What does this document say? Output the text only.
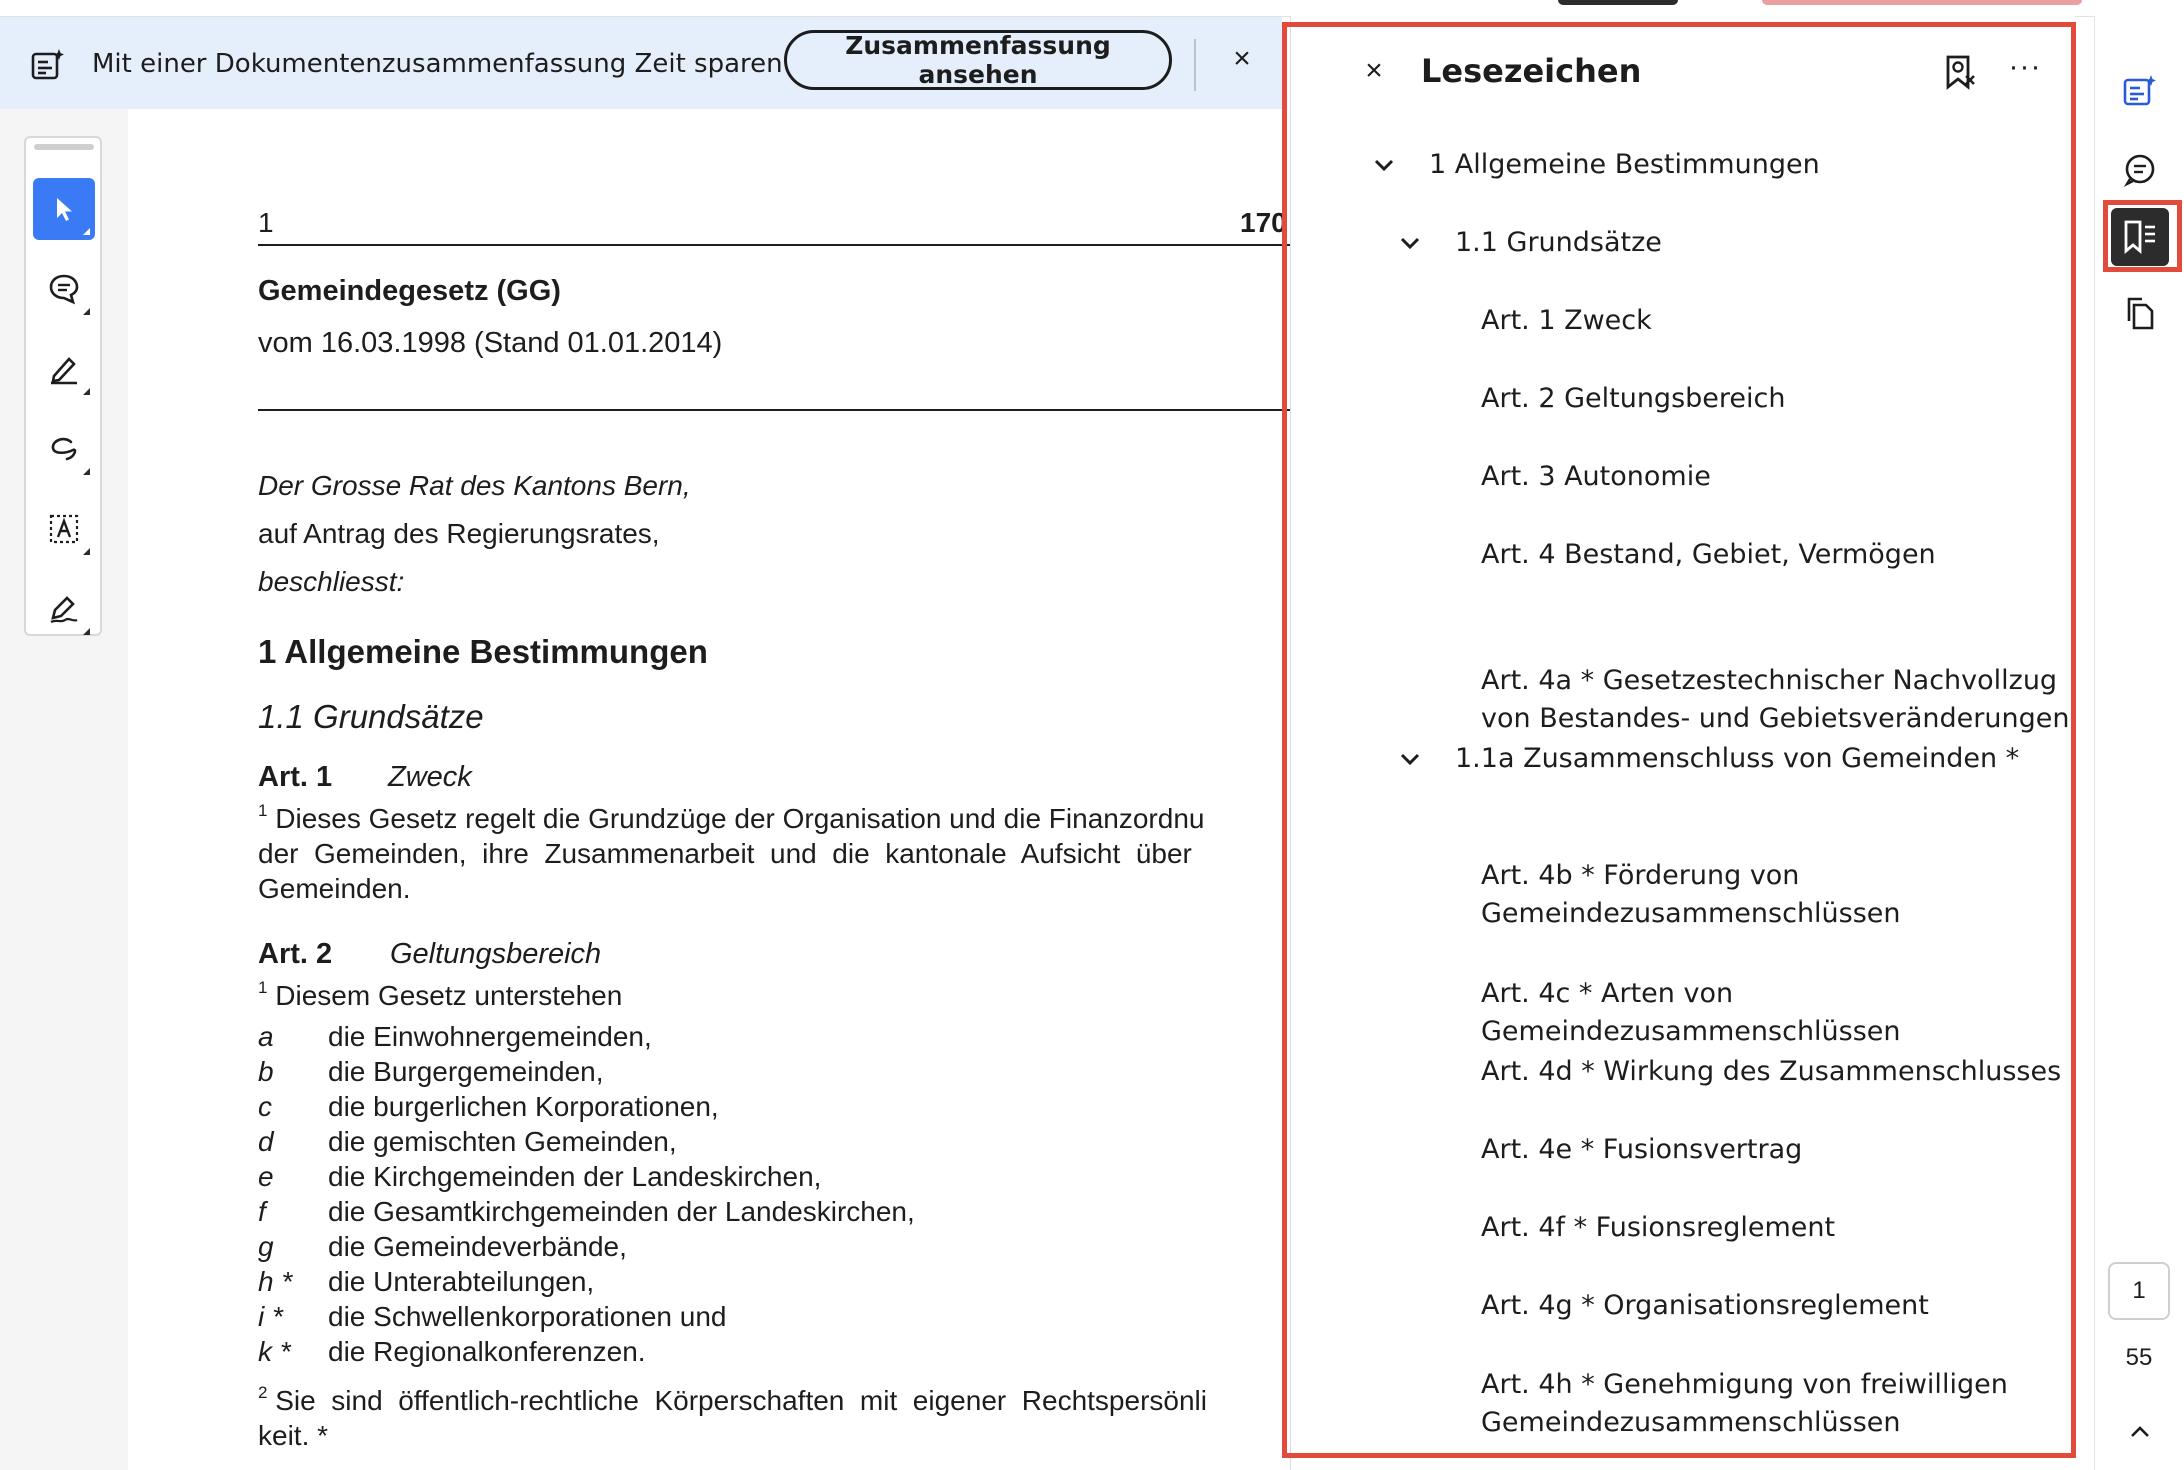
Mit einer Dokumentenzusammenfassung Zeit sparen
Zusammenfassung ansehen	×
1	170
Gemeindegesetz (GG)
vom 16.03.1998 (Stand 01.01.2014)
Der Grosse Rat des Kantons Bern,
auf Antrag des Regierungsrates,
beschliesst:
1 Allgemeine Bestimmungen
1.1 Grundsätze
Art. 1 Zweck
$^1$ Dieses Gesetz regelt die Grundzüge der Organisation und die Finanzordnu
der  Gemeinden,  ihre  Zusammenarbeit  und  die  kantonale  Aufsicht  über
Gemeinden.
Art. 2 Geltungsbereich
$^1$ Diesem Gesetz unterstehen
a die Einwohnergemeinden,
b die Burgergemeinden,
c die burgerlichen Korporationen,
d die gemischten Gemeinden,
e die Kirchgemeinden der Landeskirchen,
f die Gesamtkirchgemeinden der Landeskirchen,
g die Gemeindeverbände,
h * die Unterabteilungen,
i * die Schwellenkorporationen und
k * die Regionalkonferenzen.
$^2$ Sie  sind  öffentlich-rechtliche  Körperschaften  mit  eigener  Rechtspersönli
keit. *
× Lesezeichen	···
1 Allgemeine Bestimmungen
1.1 Grundsätze
Art. 1 Zweck
Art. 2 Geltungsbereich
Art. 3 Autonomie
Art. 4 Bestand, Gebiet, Vermögen
Art. 4a * Gesetzestechnischer Nachvollzug
von Bestandes- und Gebietsveränderungen
1.1a Zusammenschluss von Gemeinden *
Art. 4b * Förderung von
Gemeindezusammenschlüssen
Art. 4c * Arten von
Gemeindezusammenschlüssen
Art. 4d * Wirkung des Zusammenschlusses
Art. 4e * Fusionsvertrag
Art. 4f * Fusionsreglement
Art. 4g * Organisationsreglement
Art. 4h * Genehmigung von freiwilligen
Gemeindezusammenschlüssen
1
55
